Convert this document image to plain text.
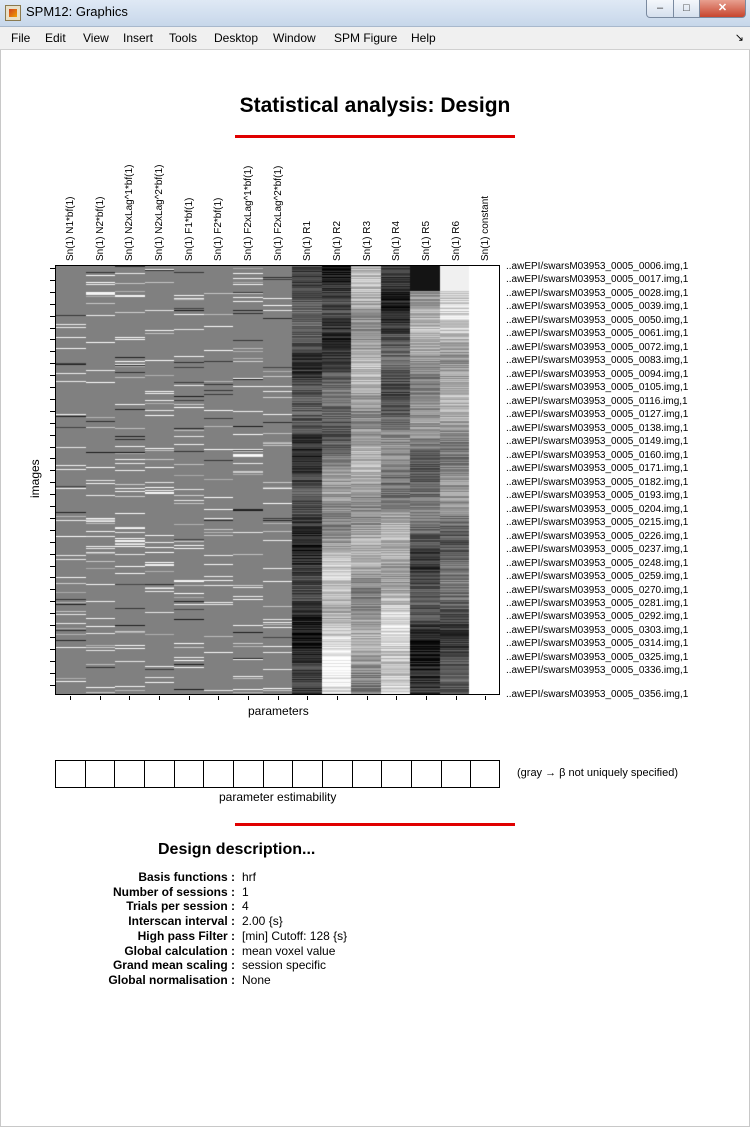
SPM12: Graphics	–	□	✕
File Edit View Insert Tools Desktop Window SPM Figure Help	↘
Statistical analysis: Design
Sn(1) N1*bf(1) Sn(1) N2*bf(1) Sn(1) N2xLag^1*bf(1) Sn(1) N2xLag^2*bf(1) Sn(1) F1*bf(1) Sn(1) F2*bf(1) Sn(1) F2xLag^1*bf(1) Sn(1) F2xLag^2*bf(1) Sn(1) R1 Sn(1) R2 Sn(1) R3 Sn(1) R4 Sn(1) R5 Sn(1) R6 Sn(1) constant
..awEPI/swarsM03953_0005_0006.img,1
..awEPI/swarsM03953_0005_0017.img,1
..awEPI/swarsM03953_0005_0028.img,1
..awEPI/swarsM03953_0005_0039.img,1
..awEPI/swarsM03953_0005_0050.img,1
..awEPI/swarsM03953_0005_0061.img,1
..awEPI/swarsM03953_0005_0072.img,1
..awEPI/swarsM03953_0005_0083.img,1
..awEPI/swarsM03953_0005_0094.img,1
..awEPI/swarsM03953_0005_0105.img,1
..awEPI/swarsM03953_0005_0116.img,1
..awEPI/swarsM03953_0005_0127.img,1
..awEPI/swarsM03953_0005_0138.img,1
..awEPI/swarsM03953_0005_0149.img,1
..awEPI/swarsM03953_0005_0160.img,1
..awEPI/swarsM03953_0005_0171.img,1
..awEPI/swarsM03953_0005_0182.img,1
..awEPI/swarsM03953_0005_0193.img,1
..awEPI/swarsM03953_0005_0204.img,1
..awEPI/swarsM03953_0005_0215.img,1
..awEPI/swarsM03953_0005_0226.img,1
..awEPI/swarsM03953_0005_0237.img,1
..awEPI/swarsM03953_0005_0248.img,1
..awEPI/swarsM03953_0005_0259.img,1
..awEPI/swarsM03953_0005_0270.img,1
..awEPI/swarsM03953_0005_0281.img,1
..awEPI/swarsM03953_0005_0292.img,1
..awEPI/swarsM03953_0005_0303.img,1
..awEPI/swarsM03953_0005_0314.img,1
..awEPI/swarsM03953_0005_0325.img,1
..awEPI/swarsM03953_0005_0336.img,1
..awEPI/swarsM03953_0005_0356.img,1
images
parameters
parameter estimability
(gray → β not uniquely specified)
Design description...
Basis functions : hrf
Number of sessions : 1
Trials per session : 4
Interscan interval : 2.00 {s}
High pass Filter : [min] Cutoff: 128 {s}
Global calculation : mean voxel value
Grand mean scaling : session specific
Global normalisation : None
